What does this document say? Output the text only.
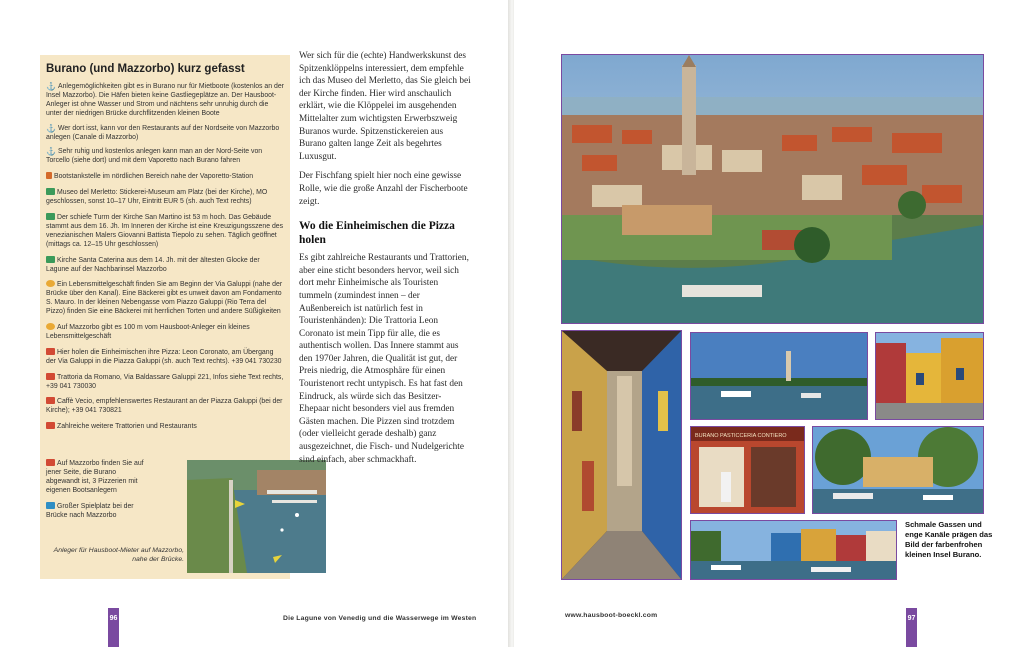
Burano (und Mazzorbo) kurz gefasst
⚓ Anlegemöglichkeiten gibt es in Burano nur für Mietboote (kostenlos an der Insel Mazzorbo). Die Häfen bieten keine Gastliegeplätze an. Der Hausboot-Anleger ist ohne Wasser und Strom und nächtens sehr unruhig durch die unter der niedrigen Brücke durchflitzenden kleinen Boote
⚓ Wer dort isst, kann vor den Restaurants auf der Nordseite von Mazzorbo anlegen (Canale di Mazzorbo)
⚓ Sehr ruhig und kostenlos anlegen kann man an der Nord-Seite von Torcello (siehe dort) und mit dem Vaporetto nach Burano fahren
Bootstankstelle im nördlichen Bereich nahe der Vaporetto-Station
Museo del Merletto: Stickerei-Museum am Platz (bei der Kirche), MO geschlossen, sonst 10–17 Uhr, Eintritt EUR 5 (sh. auch Text rechts)
Der schiefe Turm der Kirche San Martino ist 53 m hoch. Das Gebäude stammt aus dem 16. Jh. Im Inneren der Kirche ist eine Kreuzigungsszene des venezianischen Malers Giovanni Battista Tiepolo zu sehen. Täglich geöffnet (mittags ca. 12–15 Uhr geschlossen)
Kirche Santa Caterina aus dem 14. Jh. mit der ältesten Glocke der Lagune auf der Nachbarinsel Mazzorbo
Ein Lebensmittelgeschäft finden Sie am Beginn der Via Galuppi (nahe der Brücke über den Kanal). Eine Bäckerei gibt es unweit davon am Fondamento S. Mauro. In der kleinen Nebengasse vom Piazzo Galuppi (Rio Terra del Pizzo) finden Sie eine Bäckerei mit herrlichen Torten und andere Süßigkeiten
Auf Mazzorbo gibt es 100 m vom Hausboot-Anleger ein kleines Lebensmittelgeschäft
Hier holen die Einheimischen ihre Pizza: Leon Coronato, am Übergang der Via Galuppi in die Piazza Galuppi (sh. auch Text rechts). +39 041 730230
Trattoria da Romano, Via Baldassare Galuppi 221, Infos siehe Text rechts, +39 041 730030
Caffè Vecio, empfehlenswertes Restaurant an der Piazza Galuppi (bei der Kirche); +39 041 730821
Zahlreiche weitere Trattorien und Restaurants
Auf Mazzorbo finden Sie auf jener Seite, die Burano abgewandt ist, 3 Pizzerien mit eigenen Bootsanlegern
Großer Spielplatz bei der Brücke nach Mazzorbo
Anleger für Hausboot-Mieter auf Mazzorbo, nahe der Brücke.

Wer sich für die (echte) Handwerkskunst des Spitzenklöppelns interessiert, dem empfehle ich das Museo del Merletto, das Sie gleich bei der Kirche finden. Hier wird anschaulich erklärt, wie die Klöppelei im ausgehenden Mittelalter zum wichtigsten Erwerbszweig Buranos wurde. Spitzenstickereien aus Burano galten lange Zeit als begehrtes Luxusgut.

Der Fischfang spielt hier noch eine gewisse Rolle, wie die große Anzahl der Fischerboote zeigt.

Wo die Einheimischen die Pizza holen

Es gibt zahlreiche Restaurants und Trattorien, aber eine sticht besonders hervor, weil sich dort mehr Einheimische als Touristen tummeln (zumindest innen – der Außenbereich ist natürlich fest in Touristenhänden): Die Trattoria Leon Coronato ist mein Tipp für alle, die es authentisch wollen. Das Innere stammt aus den 1970er Jahren, die Qualität ist gut, der Preis niedrig, die Atmosphäre für einen Touristenort recht untypisch. Es hat fast den Eindruck, als würde sich das Besitzer-Ehepaar nicht besonders viel aus fremden Gästen machen. Die Pizzen sind trotzdem (oder vielleicht gerade deshalb) ganz ausgezeichnet, die Fisch- und Nudelgerichte sind einfach, aber schmackhaft.

96	Die Lagune von Venedig und die Wasserwege im Westen
BURANO PASTICCERIA CONTIERO
Schmale Gassen und enge Kanäle prägen das Bild der farbenfrohen kleinen Insel Burano.
www.hausboot-boeckl.com	97
